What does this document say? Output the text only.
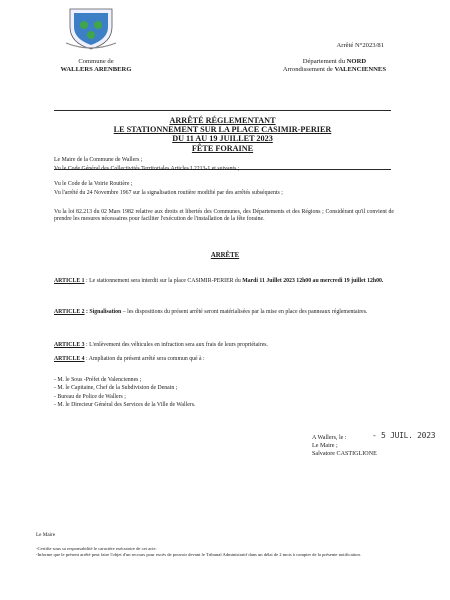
Arrêté N°2023/81
Commune de
WALLERS ARENBERG
Département du NORD
Arrondissement de VALENCIENNES
ARRÊTÉ RÉGLEMENTANT
LE STATIONNEMENT SUR LA PLACE CASIMIR-PERIER
DU 11 AU 19 JUILLET 2023
FÊTE FORAINE

Le Maire de la Commune de Wallers ;

Vu le Code Général des Collectivités Territoriales Articles L2213-1 et suivants ;

Vu le Code de la Voirie Routière ;

Vu l'arrêté du 24 Novembre 1967 sur la signalisation routière modifié par des arrêtés subséquents ;

Vu la loi 82.213 du 02 Mars 1982 relative aux droits et libertés des Communes, des Départements et des Régions ; Considérant qu'il convient de prendre les mesures nécessaires pour faciliter l'exécution de l'installation de la fête foraine.

ARRÊTE
ARTICLE 1 : Le stationnement sera interdit sur la place CASIMIR-PERIER du Mardi 11 Juillet 2023 12h00 au mercredi 19 juillet 12h00.
ARTICLE 2 : Signalisation – les dispositions du présent arrêté seront matérialisées par la mise en place des panneaux réglementaires.
ARTICLE 3 : L'enlèvement des véhicules en infraction sera aux frais de leurs propriétaires.
ARTICLE 4 : Ampliation du présent arrêté sera commun qué à :
- M. le Sous -Préfet de Valenciennes ;
- M. le Capitaine, Chef de la Subdivision de Denain ;
- Bureau de Police de Wallers ;
- M. le Directeur Général des Services de la Ville de Wallers.
A Wallers, le :
Le Maire ;
Salvatore CASTIGLIONE
- 5 JUIL. 2023
Le Maire
-Certifie sous sa responsabilité le caractère exécutoire de cet acte.
-Informe que le présent arrêté peut faire l'objet d'un recours pour excès de pouvoir devant le Tribunal Administratif dans un délai de 2 mois à compter de la présente notification.
